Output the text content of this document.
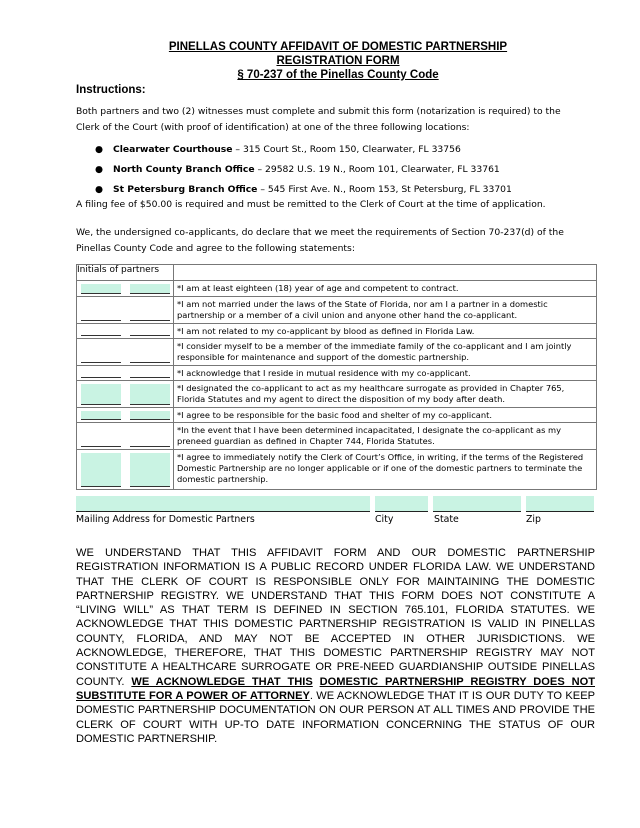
PINELLAS COUNTY AFFIDAVIT OF DOMESTIC PARTNERSHIP
REGISTRATION FORM
§ 70-237 of the Pinellas County Code
Instructions:
Both partners and two (2) witnesses must complete and submit this form (notarization is required) to the Clerk of the Court (with proof of identification) at one of the three following locations:
● Clearwater Courthouse – 315 Court St., Room 150, Clearwater, FL 33756
● North County Branch Office – 29582 U.S. 19 N., Room 101, Clearwater, FL 33761
● St Petersburg Branch Office – 545 First Ave. N., Room 153, St Petersburg, FL 33701
A filing fee of $50.00 is required and must be remitted to the Clerk of Court at the time of application.
We, the undersigned co-applicants, do declare that we meet the requirements of Section 70-237(d) of the Pinellas County Code and agree to the following statements:
Initials of partners	

	*I am at least eighteen (18) year of age and competent to contract.

	*I am not married under the laws of the State of Florida, nor am I a partner in a domestic partnership or a member of a civil union and anyone other hand the co-applicant.

	*I am not related to my co-applicant by blood as defined in Florida Law.

	*I consider myself to be a member of the immediate family of the co-applicant and I am jointly responsible for maintenance and support of the domestic partnership.

	*I acknowledge that I reside in mutual residence with my co-applicant.

	*I designated the co-applicant to act as my healthcare surrogate as provided in Chapter 765, Florida Statutes and my agent to direct the disposition of my body after death.

	*I agree to be responsible for the basic food and shelter of my co-applicant.

	*In the event that I have been determined incapacitated, I designate the co-applicant as my preneed guardian as defined in Chapter 744, Florida Statutes.

	*I agree to immediately notify the Clerk of Court’s Office, in writing, if the terms of the Registered Domestic Partnership are no longer applicable or if one of the domestic partners to terminate the domestic partnership.
Mailing Address for Domestic Partners	City	State	Zip
WE UNDERSTAND THAT THIS AFFIDAVIT FORM AND OUR DOMESTIC PARTNERSHIP REGISTRATION INFORMATION IS A PUBLIC RECORD UNDER FLORIDA LAW. WE UNDERSTAND THAT THE CLERK OF COURT IS RESPONSIBLE ONLY FOR MAINTAINING THE DOMESTIC PARTNERSHIP REGISTRY. WE UNDERSTAND THAT THIS FORM DOES NOT CONSTITUTE A “LIVING WILL” AS THAT TERM IS DEFINED IN SECTION 765.101, FLORIDA STATUTES. WE ACKNOWLEDGE THAT THIS DOMESTIC PARTNERSHIP REGISTRATION IS VALID IN PINELLAS COUNTY, FLORIDA, AND MAY NOT BE ACCEPTED IN OTHER JURISDICTIONS. WE ACKNOWLEDGE, THEREFORE, THAT THIS DOMESTIC PARTNERSHIP REGISTRY MAY NOT CONSTITUTE A HEALTHCARE SURROGATE OR PRE-NEED GUARDIANSHIP OUTSIDE PINELLAS COUNTY. WE ACKNOWLEDGE THAT THIS DOMESTIC PARTNERSHIP REGISTRY DOES NOT SUBSTITUTE FOR A POWER OF ATTORNEY. WE ACKNOWLEDGE THAT IT IS OUR DUTY TO KEEP DOMESTIC PARTNERSHIP DOCUMENTATION ON OUR PERSON AT ALL TIMES AND PROVIDE THE CLERK OF COURT WITH UP-TO DATE INFORMATION CONCERNING THE STATUS OF OUR DOMESTIC PARTNERSHIP.
